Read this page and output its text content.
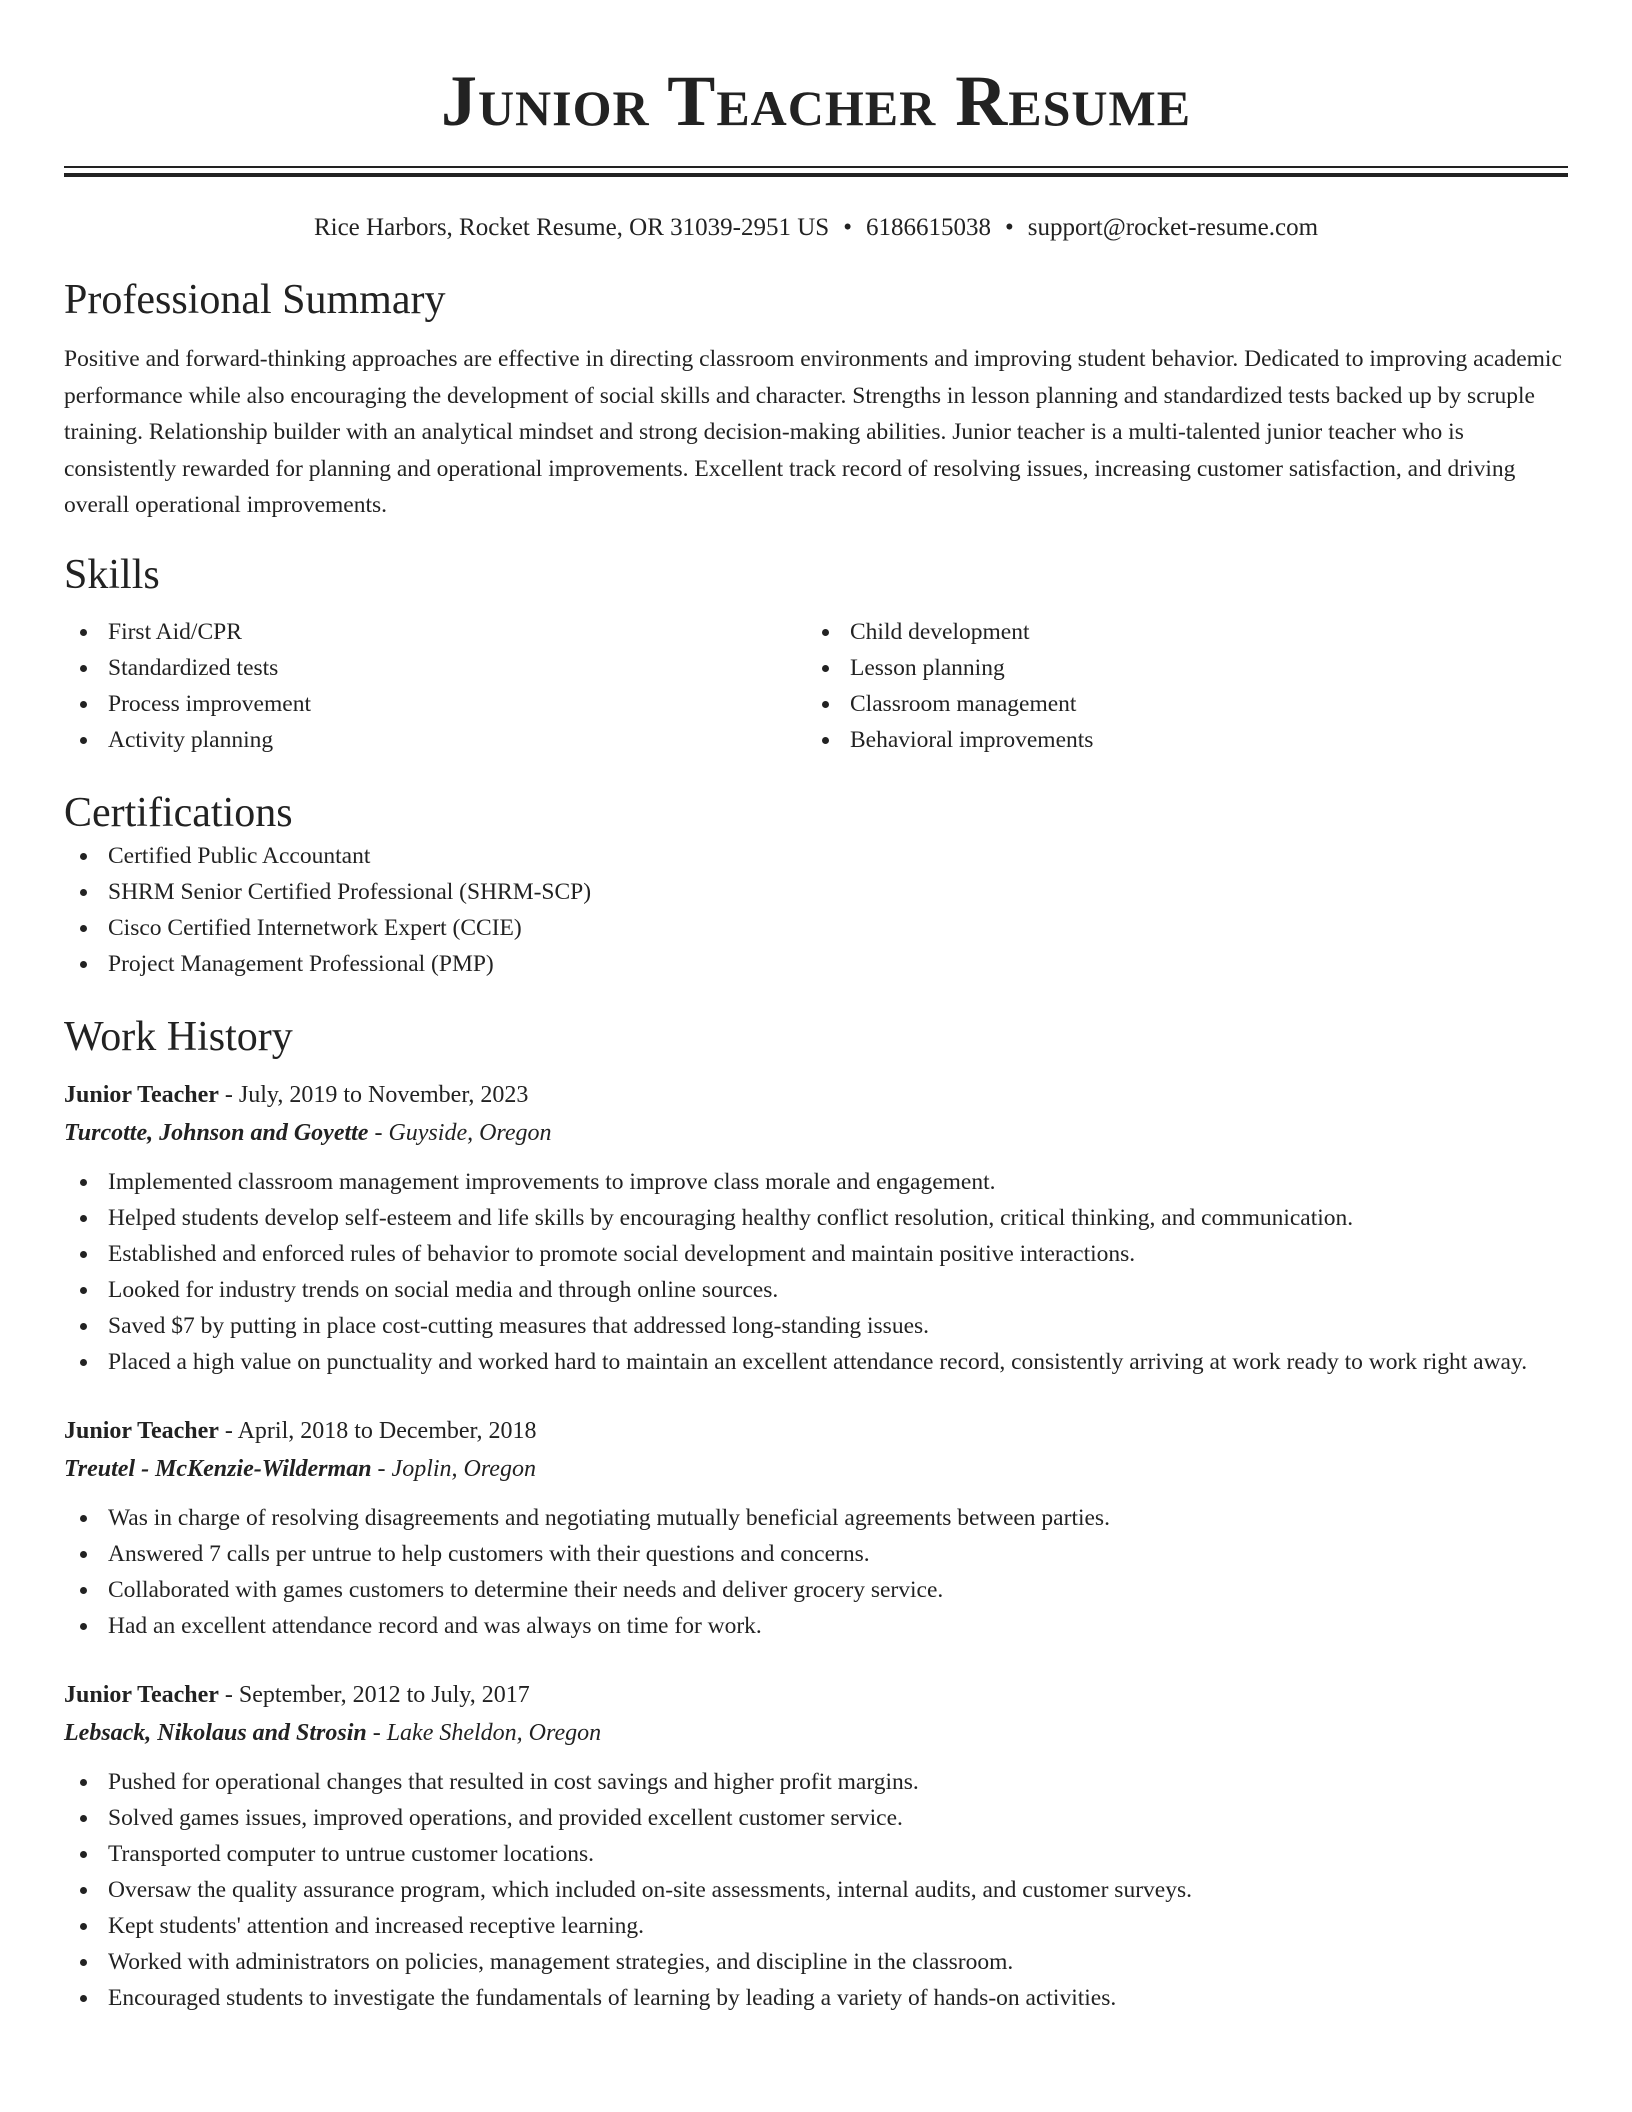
Junior Teacher Resume
Rice Harbors, Rocket Resume, OR 31039-2951 US • 6186615038 • support@rocket-resume.com
Professional Summary

Positive and forward-thinking approaches are effective in directing classroom environments and improving student behavior. Dedicated to improving academic performance while also encouraging the development of social skills and character. Strengths in lesson planning and standardized tests backed up by scruple training. Relationship builder with an analytical mindset and strong decision-making abilities. Junior teacher is a multi-talented junior teacher who is consistently rewarded for planning and operational improvements. Excellent track record of resolving issues, increasing customer satisfaction, and driving overall operational improvements.

Skills
First Aid/CPR
Standardized tests
Process improvement
Activity planning
Child development
Lesson planning
Classroom management
Behavioral improvements
Certifications
Certified Public Accountant
SHRM Senior Certified Professional (SHRM-SCP)
Cisco Certified Internetwork Expert (CCIE)
Project Management Professional (PMP)
Work History
Junior Teacher - July, 2019 to November, 2023
Turcotte, Johnson and Goyette - Guyside, Oregon
Implemented classroom management improvements to improve class morale and engagement.
Helped students develop self-esteem and life skills by encouraging healthy conflict resolution, critical thinking, and communication.
Established and enforced rules of behavior to promote social development and maintain positive interactions.
Looked for industry trends on social media and through online sources.
Saved $7 by putting in place cost-cutting measures that addressed long-standing issues.
Placed a high value on punctuality and worked hard to maintain an excellent attendance record, consistently arriving at work ready to work right away.
Junior Teacher - April, 2018 to December, 2018
Treutel - McKenzie-Wilderman - Joplin, Oregon
Was in charge of resolving disagreements and negotiating mutually beneficial agreements between parties.
Answered 7 calls per untrue to help customers with their questions and concerns.
Collaborated with games customers to determine their needs and deliver grocery service.
Had an excellent attendance record and was always on time for work.
Junior Teacher - September, 2012 to July, 2017
Lebsack, Nikolaus and Strosin - Lake Sheldon, Oregon
Pushed for operational changes that resulted in cost savings and higher profit margins.
Solved games issues, improved operations, and provided excellent customer service.
Transported computer to untrue customer locations.
Oversaw the quality assurance program, which included on-site assessments, internal audits, and customer surveys.
Kept students' attention and increased receptive learning.
Worked with administrators on policies, management strategies, and discipline in the classroom.
Encouraged students to investigate the fundamentals of learning by leading a variety of hands-on activities.
